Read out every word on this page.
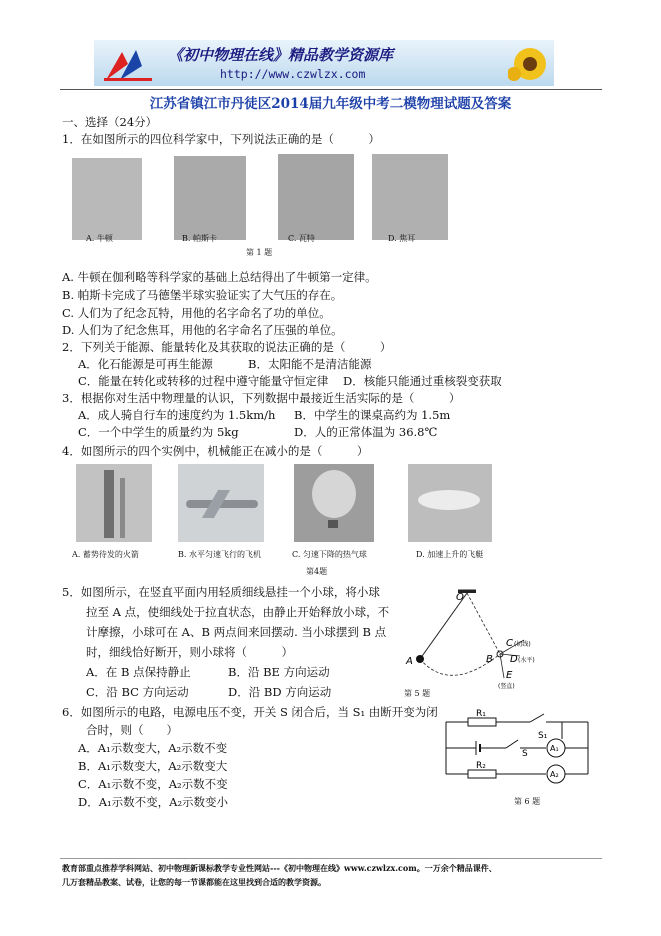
《初中物理在线》精品教学资源库
http://www.czwlzx.com
江苏省镇江市丹徒区2014届九年级中考二模物理试题及答案
一、选择（24分）
1．在如图所示的四位科学家中，下列说法正确的是（　　　）
A. 牛顿	B. 帕斯卡	C. 瓦特	D. 焦耳
第 1 题
A. 牛顿在伽利略等科学家的基础上总结得出了牛顿第一定律。
B. 帕斯卡完成了马德堡半球实验证实了大气压的存在。
C. 人们为了纪念瓦特，用他的名字命名了功的单位。
D. 人们为了纪念焦耳，用他的名字命名了压强的单位。
2．下列关于能源、能量转化及其获取的说法正确的是（　　　）
A．化石能源是可再生能源	B．太阳能不是清洁能源
C．能量在转化或转移的过程中遵守能量守恒定律 D．核能只能通过重核裂变获取
3．根据你对生活中物理量的认识，下列数据中最接近生活实际的是（　　　）
A．成人骑自行车的速度约为 1.5km/h B．中学生的课桌高约为 1.5m
C．一个中学生的质量约为 5kg	D．人的正常体温为 36.8℃
4．如图所示的四个实例中，机械能正在减小的是（　　　）
A. 蓄势待发的火箭	B. 水平匀速飞行的飞机	C. 匀速下降的热气球	D. 加速上升的飞艇
第4题
5．如图所示，在竖直平面内用轻质细线悬挂一个小球，将小球
拉至 A 点，使细线处于拉直状态，由静止开始释放小球，不
计摩擦，小球可在 A、B 两点间来回摆动. 当小球摆到 B 点
时，细线恰好断开，则小球将（　　　）
A．在 B 点保持静止	B．沿 BE 方向运动
C．沿 BC 方向运动	D．沿 BD 方向运动
O
A	B
C (切线)
D (水平)
E
(竖直)
第 5 题
6．如图所示的电路，电源电压不变，开关 S 闭合后，当 S₁ 由断开变为闭
合时，则（　　）
A．A₁示数变大，A₂示数不变
B．A₁示数变大，A₂示数变大
C．A₁示数不变，A₂示数不变
D．A₁示数不变，A₂示数变小
R₁
R₂
S₁
S
A₁
A₂
第 6 题
教育部重点推荐学科网站、初中物理新课标教学专业性网站---《初中物理在线》www.czwlzx.com。一万余个精品课件、
几万套精品教案、试卷，让您的每一节课都能在这里找到合适的教学资源。
